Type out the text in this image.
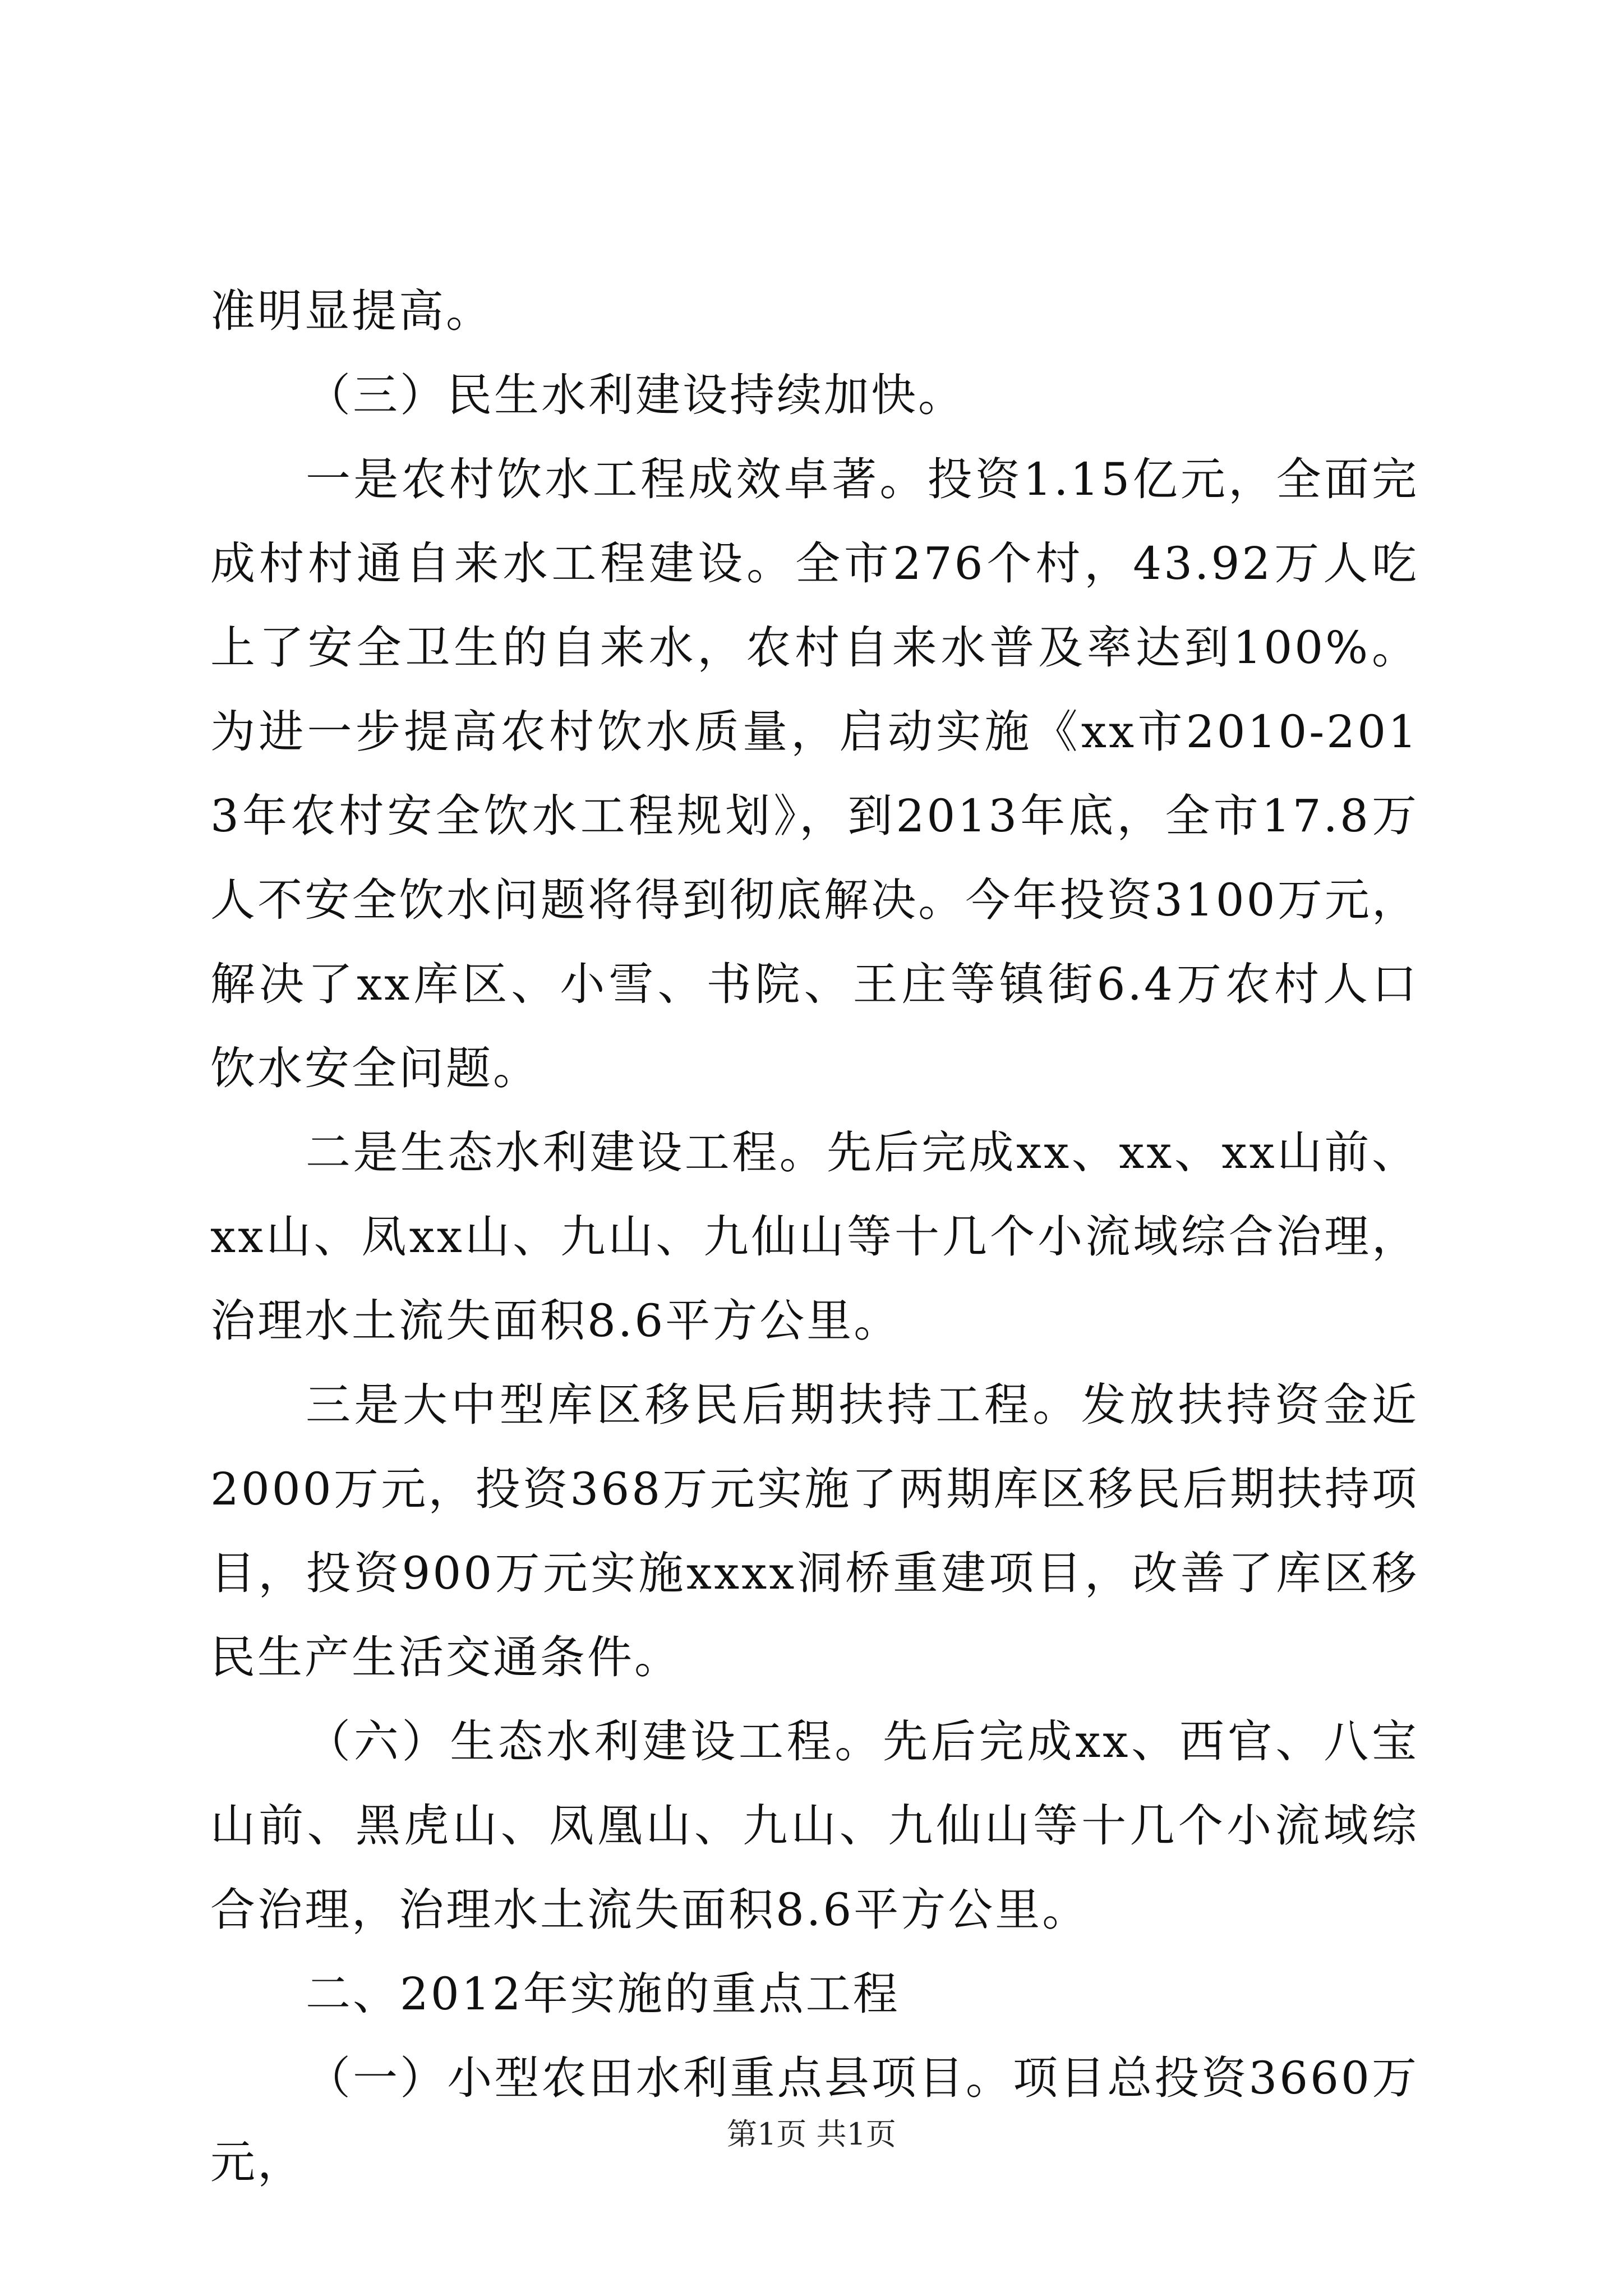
准明显提高。

（三）民生水利建设持续加快。

一是农村饮水工程成效卓著。投资1.15亿元，全面完成村村通自来水工程建设。全市276个村，43.92万人吃上了安全卫生的自来水，农村自来水普及率达到100%。为进一步提高农村饮水质量，启动实施《xx市2010-2013年农村安全饮水工程规划》，到2013年底，全市17.8万人不安全饮水问题将得到彻底解决。今年投资3100万元，解决了xx库区、小雪、书院、王庄等镇街6.4万农村人口饮水安全问题。

二是生态水利建设工程。先后完成xx、xx、xx山前、xx山、凤xx山、九山、九仙山等十几个小流域综合治理，治理水土流失面积8.6平方公里。

三是大中型库区移民后期扶持工程。发放扶持资金近2000万元，投资368万元实施了两期库区移民后期扶持项目，投资900万元实施xxxx洞桥重建项目，改善了库区移民生产生活交通条件。

（六）生态水利建设工程。先后完成xx、西官、八宝山前、黑虎山、凤凰山、九山、九仙山等十几个小流域综合治理，治理水土流失面积8.6平方公里。

二、2012年实施的重点工程

（一）小型农田水利重点县项目。项目总投资3660万元，

第1页 共1页
